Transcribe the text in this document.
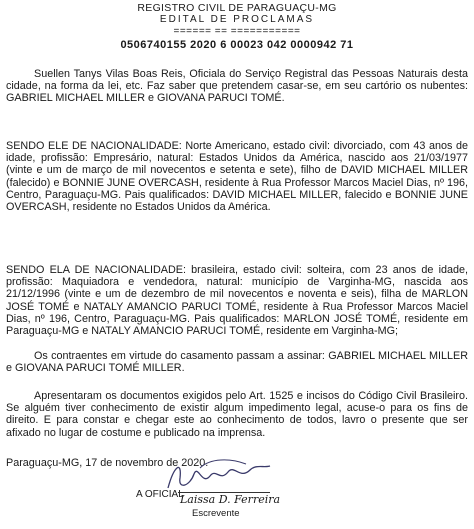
REGISTRO CIVIL DE PARAGUAÇU-MG
EDITAL DE PROCLAMAS
====== == ===========
0506740155 2020 6 00023 042 0000942 71
Suellen Tanys Vilas Boas Reis, Oficiala do Serviço Registral das Pessoas Naturais desta cidade, na forma da lei, etc. Faz saber que pretendem casar-se, em seu cartório os nubentes: GABRIEL MICHAEL MILLER e GIOVANA PARUCI TOMÉ.
SENDO ELE DE NACIONALIDADE: Norte Americano, estado civil: divorciado, com 43 anos de idade, profissão: Empresário, natural: Estados Unidos da América, nascido aos 21/03/1977 (vinte e um de março de mil novecentos e setenta e sete), filho de DAVID MICHAEL MILLER (falecido) e BONNIE JUNE OVERCASH, residente à Rua Professor Marcos Maciel Dias, nº 196, Centro, Paraguaçu-MG. Pais qualificados: DAVID MICHAEL MILLER, falecido e BONNIE JUNE OVERCASH, residente no Estados Unidos da América.
SENDO ELA DE NACIONALIDADE: brasileira, estado civil: solteira, com 23 anos de idade, profissão: Maquiadora e vendedora, natural: município de Varginha-MG, nascida aos 21/12/1996 (vinte e um de dezembro de mil novecentos e noventa e seis), filha de MARLON JOSÉ TOMÉ e NATALY AMANCIO PARUCI TOMÉ, residente à Rua Professor Marcos Maciel Dias, nº 196, Centro, Paraguaçu-MG. Pais qualificados: MARLON JOSÉ TOMÉ, residente em Paraguaçu-MG e NATALY AMANCIO PARUCI TOMÉ, residente em Varginha-MG;
Os contraentes em virtude do casamento passam a assinar: GABRIEL MICHAEL MILLER e GIOVANA PARUCI TOMÉ MILLER.
Apresentaram os documentos exigidos pelo Art. 1525 e incisos do Código Civil Brasileiro. Se alguém tiver conhecimento de existir algum impedimento legal, acuse-o para os fins de direito. E para constar e chegar este ao conhecimento de todos, lavro o presente que ser afixado no lugar de costume e publicado na imprensa.
Paraguaçu-MG, 17 de novembro de 2020.
A OFICIAL
Laissa D. Ferreira
Escrevente
